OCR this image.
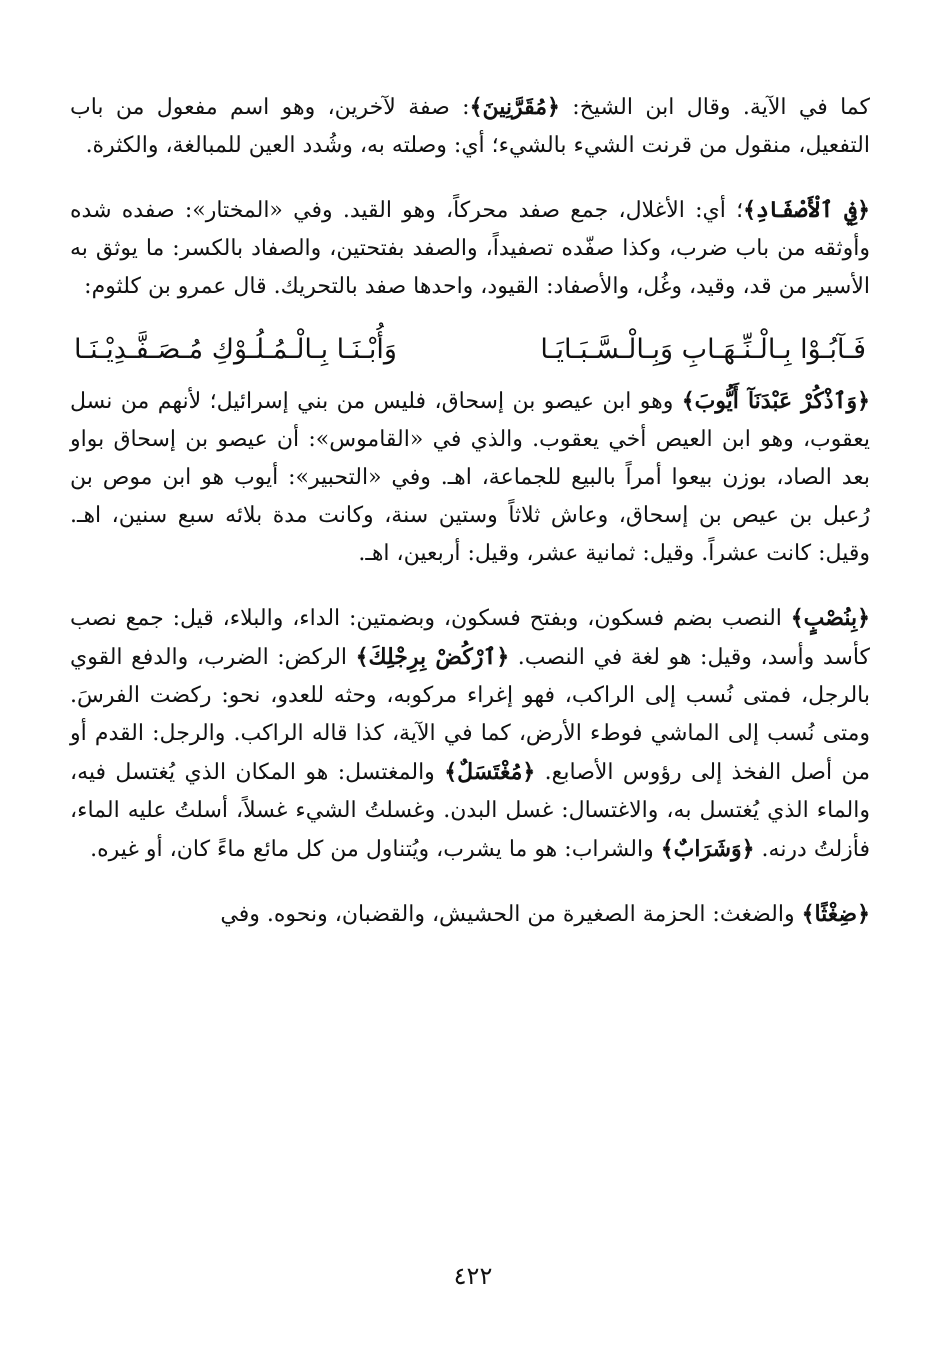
كما في الآية. وقال ابن الشيخ: ﴿مُقَرَّنِينَ﴾: صفة لآخرين، وهو اسم مفعول من باب التفعيل، منقول من قرنت الشيء بالشيء؛ أي: وصلته به، وشُدد العين للمبالغة، والكثرة.

﴿فِي ٱلْأَصْفَادِ﴾؛ أي: الأغلال، جمع صفد محركاً، وهو القيد. وفي «المختار»: صفده شده وأوثقه من باب ضرب، وكذا صفّده تصفيداً، والصفد بفتحتين، والصفاد بالكسر: ما يوثق به الأسير من قد، وقيد، وغُل، والأصفاد: القيود، واحدها صفد بالتحريك. قال عمرو بن كلثوم:

فَـآبُـوْا بِـالْـنِّـهَـابِ وَبِـالْـسَّـبَـايَـا
وَأُبْـنَـا بِـالْـمُـلُـوْكِ مُـصَـفَّـدِيْـنَـا

﴿وَٱذْكُرْ عَبْدَنَآ أَيُّوبَ﴾ وهو ابن عيصو بن إسحاق، فليس من بني إسرائيل؛ لأنهم من نسل يعقوب، وهو ابن العيص أخي يعقوب. والذي في «القاموس»: أن عيصو بن إسحاق بواو بعد الصاد، بوزن بيعوا أمراً بالبيع للجماعة، اهـ. وفي «التحبير»: أيوب هو ابن موص بن رُعبل بن عيص بن إسحاق، وعاش ثلاثاً وستين سنة، وكانت مدة بلائه سبع سنين، اهـ. وقيل: كانت عشراً. وقيل: ثمانية عشر، وقيل: أربعين، اهـ.

﴿بِنُصْبٍ﴾ النصب بضم فسكون، وبفتح فسكون، وبضمتين: الداء، والبلاء، قيل: جمع نصب كأسد وأسد، وقيل: هو لغة في النصب. ﴿ٱرْكُضْ بِرِجْلِكَ﴾ الركض: الضرب، والدفع القوي بالرجل، فمتى نُسب إلى الراكب، فهو إغراء مركوبه، وحثه للعدو، نحو: ركضت الفرسَ. ومتى نُسب إلى الماشي فوطء الأرض، كما في الآية، كذا قاله الراكب. والرجل: القدم أو من أصل الفخذ إلى رؤوس الأصابع. ﴿مُغْتَسَلٌ﴾ والمغتسل: هو المكان الذي يُغتسل فيه، والماء الذي يُغتسل به، والاغتسال: غسل البدن. وغسلتُ الشيء غسلاً، أسلتُ عليه الماء، فأزلتُ درنه. ﴿وَشَرَابٌ﴾ والشراب: هو ما يشرب، ويُتناول من كل مائع ماءً كان، أو غيره.

﴿ضِغْثًا﴾ والضغث: الحزمة الصغيرة من الحشيش، والقضبان، ونحوه. وفي

٤٢٢
